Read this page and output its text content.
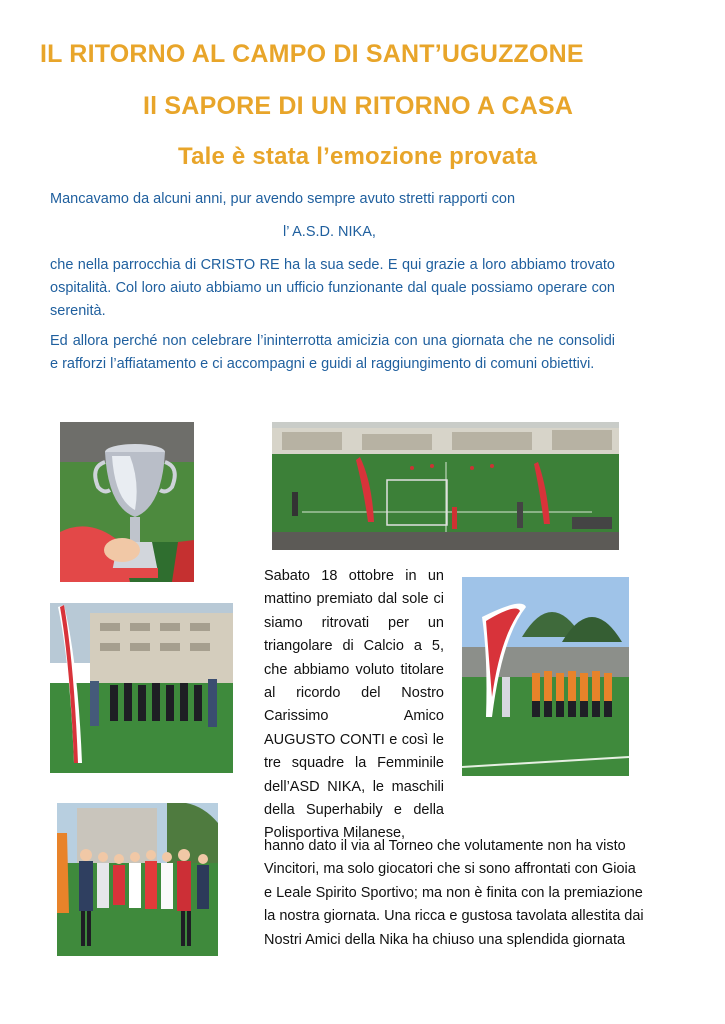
IL RITORNO AL CAMPO DI SANT’UGUZZONE
Il SAPORE DI UN RITORNO A CASA
Tale è stata l’emozione provata
Mancavamo da alcuni anni, pur avendo sempre avuto stretti rapporti con
l’ A.S.D. NIKA,
che nella parrocchia di CRISTO RE ha la sua sede. E qui grazie a loro abbiamo trovato ospitalità. Col loro aiuto abbiamo un ufficio funzionante dal quale possiamo operare con serenità.
Ed allora perché non celebrare l’ininterrotta amicizia con una giornata che ne consolidi e rafforzi l’affiatamento e ci accompagni e guidi al raggiungimento di comuni obiettivi.
Sabato 18 ottobre in un mattino premiato dal sole ci siamo ritrovati per un triangolare di Calcio a 5, che abbiamo voluto titolare al ricordo del Nostro Carissimo Amico AUGUSTO CONTI e così le tre squadre la Femminile dell’ASD NIKA, le maschili della Superhabily e della Polisportiva Milanese,
hanno dato il via al Torneo che volutamente non ha visto Vincitori, ma solo giocatori che si sono affrontati con Gioia e Leale Spirito Sportivo; ma non è finita con la premiazione la nostra giornata. Una ricca e gustosa tavolata allestita dai Nostri Amici della Nika ha chiuso una splendida giornata
